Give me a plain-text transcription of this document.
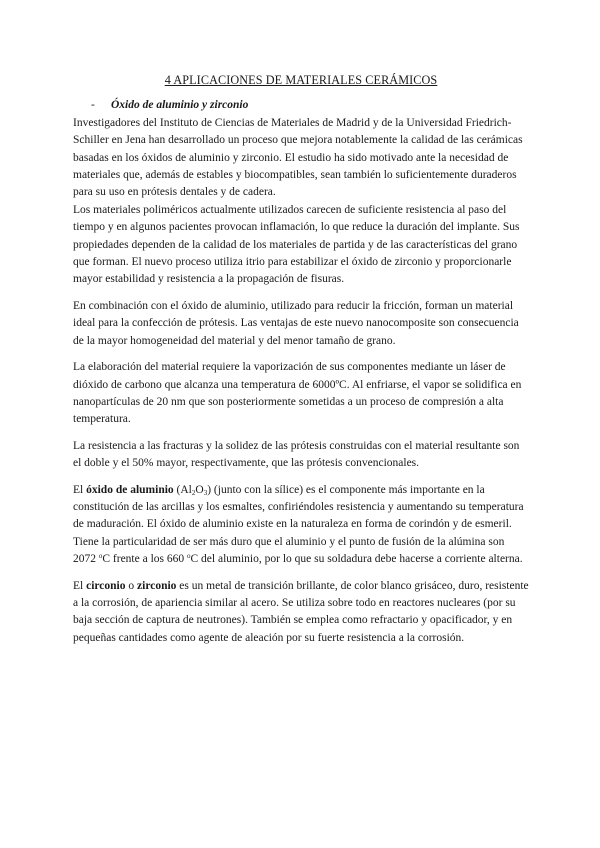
4 APLICACIONES DE MATERIALES CERÁMICOS
- Óxido de aluminio y zirconio

Investigadores del Instituto de Ciencias de Materiales de Madrid y de la Universidad Friedrich-Schiller en Jena han desarrollado un proceso que mejora notablemente la calidad de las cerámicas basadas en los óxidos de aluminio y zirconio. El estudio ha sido motivado ante la necesidad de materiales que, además de estables y biocompatibles, sean también lo suficientemente duraderos para su uso en prótesis dentales y de cadera.

Los materiales poliméricos actualmente utilizados carecen de suficiente resistencia al paso del tiempo y en algunos pacientes provocan inflamación, lo que reduce la duración del implante. Sus propiedades dependen de la calidad de los materiales de partida y de las características del grano que forman. El nuevo proceso utiliza itrio para estabilizar el óxido de zirconio y proporcionarle mayor estabilidad y resistencia a la propagación de fisuras.

En combinación con el óxido de aluminio, utilizado para reducir la fricción, forman un material ideal para la confección de prótesis. Las ventajas de este nuevo nanocomposite son consecuencia de la mayor homogeneidad del material y del menor tamaño de grano.

La elaboración del material requiere la vaporización de sus componentes mediante un láser de dióxido de carbono que alcanza una temperatura de 6000ºC. Al enfriarse, el vapor se solidifica en nanopartículas de 20 nm que son posteriormente sometidas a un proceso de compresión a alta temperatura.

La resistencia a las fracturas y la solidez de las prótesis construidas con el material resultante son el doble y el 50% mayor, respectivamente, que las prótesis convencionales.

El óxido de aluminio $(Al_2O_3)$ (junto con la sílice) es el componente más importante en la constitución de las arcillas y los esmaltes, confiriéndoles resistencia y aumentando su temperatura de maduración. El óxido de aluminio existe en la naturaleza en forma de corindón y de esmeril. Tiene la particularidad de ser más duro que el aluminio y el punto de fusión de la alúmina son 2072 $^o$C frente a los 660 $^o$C del aluminio, por lo que su soldadura debe hacerse a corriente alterna.

El circonio o zirconio es un metal de transición brillante, de color blanco grisáceo, duro, resistente a la corrosión, de apariencia similar al acero. Se utiliza sobre todo en reactores nucleares (por su baja sección de captura de neutrones). También se emplea como refractario y opacificador, y en pequeñas cantidades como agente de aleación por su fuerte resistencia a la corrosión.
